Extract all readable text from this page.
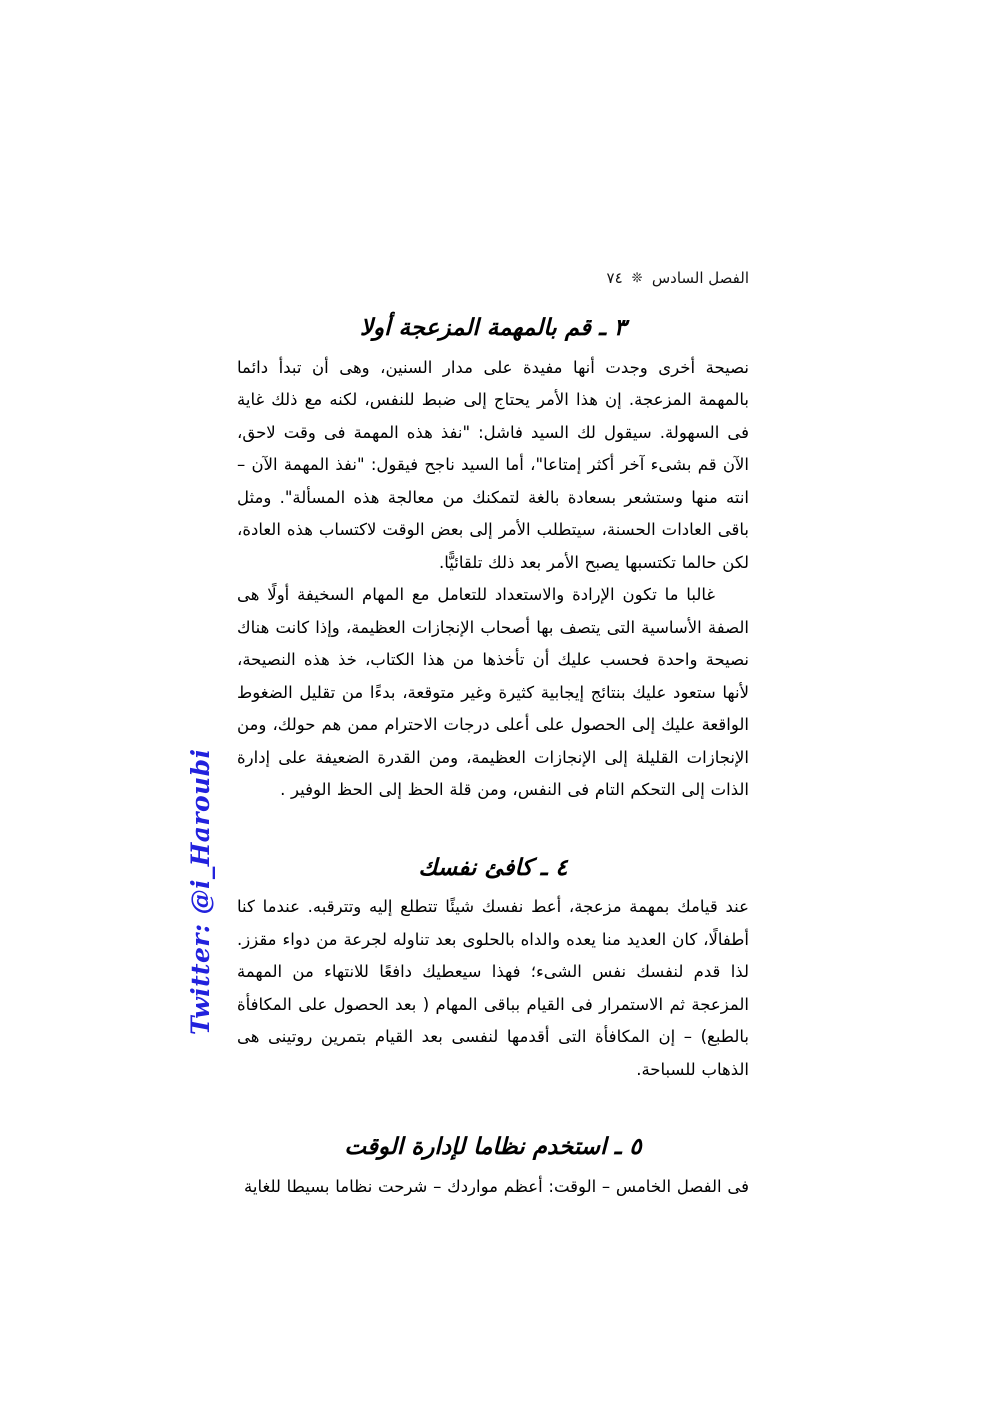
الفصل السادس❊٧٤
٣ ـ قم بالمهمة المزعجة أولا

نصيحة أخرى وجدت أنها مفيدة على مدار السنين، وهى أن تبدأ دائما بالمهمة المزعجة. إن هذا الأمر يحتاج إلى ضبط للنفس، لكنه مع ذلك غاية فى السهولة. سيقول لك السيد فاشل: "نفذ هذه المهمة فى وقت لاحق، الآن قم بشىء آخر أكثر إمتاعا"، أما السيد ناجح فيقول: "نفذ المهمة الآن – انته منها وستشعر بسعادة بالغة لتمكنك من معالجة هذه المسألة". ومثل باقى العادات الحسنة، سيتطلب الأمر إلى بعض الوقت لاكتساب هذه العادة، لكن حالما تكتسبها يصبح الأمر بعد ذلك تلقائيًّا.

غالبا ما تكون الإرادة والاستعداد للتعامل مع المهام السخيفة أولًا هى الصفة الأساسية التى يتصف بها أصحاب الإنجازات العظيمة، وإذا كانت هناك نصيحة واحدة فحسب عليك أن تأخذها من هذا الكتاب، خذ هذه النصيحة، لأنها ستعود عليك بنتائج إيجابية كثيرة وغير متوقعة، بدءًا من تقليل الضغوط الواقعة عليك إلى الحصول على أعلى درجات الاحترام ممن هم حولك، ومن الإنجازات القليلة إلى الإنجازات العظيمة، ومن القدرة الضعيفة على إدارة الذات إلى التحكم التام فى النفس، ومن قلة الحظ إلى الحظ الوفير .

٤ ـ كافئ نفسك

عند قيامك بمهمة مزعجة، أعط نفسك شيئًا تتطلع إليه وتترقبه. عندما كنا أطفالًا، كان العديد منا يعده والداه بالحلوى بعد تناوله لجرعة من دواء مقزز. لذا قدم لنفسك نفس الشىء؛ فهذا سيعطيك دافعًا للانتهاء من المهمة المزعجة ثم الاستمرار فى القيام بباقى المهام ( بعد الحصول على المكافأة بالطبع) – إن المكافأة التى أقدمها لنفسى بعد القيام بتمرين روتينى هى الذهاب للسباحة.

٥ ـ استخدم نظاما لإدارة الوقت

فى الفصل الخامس – الوقت: أعظم مواردك – شرحت نظاما بسيطا للغاية

Twitter: @i_Haroubi
